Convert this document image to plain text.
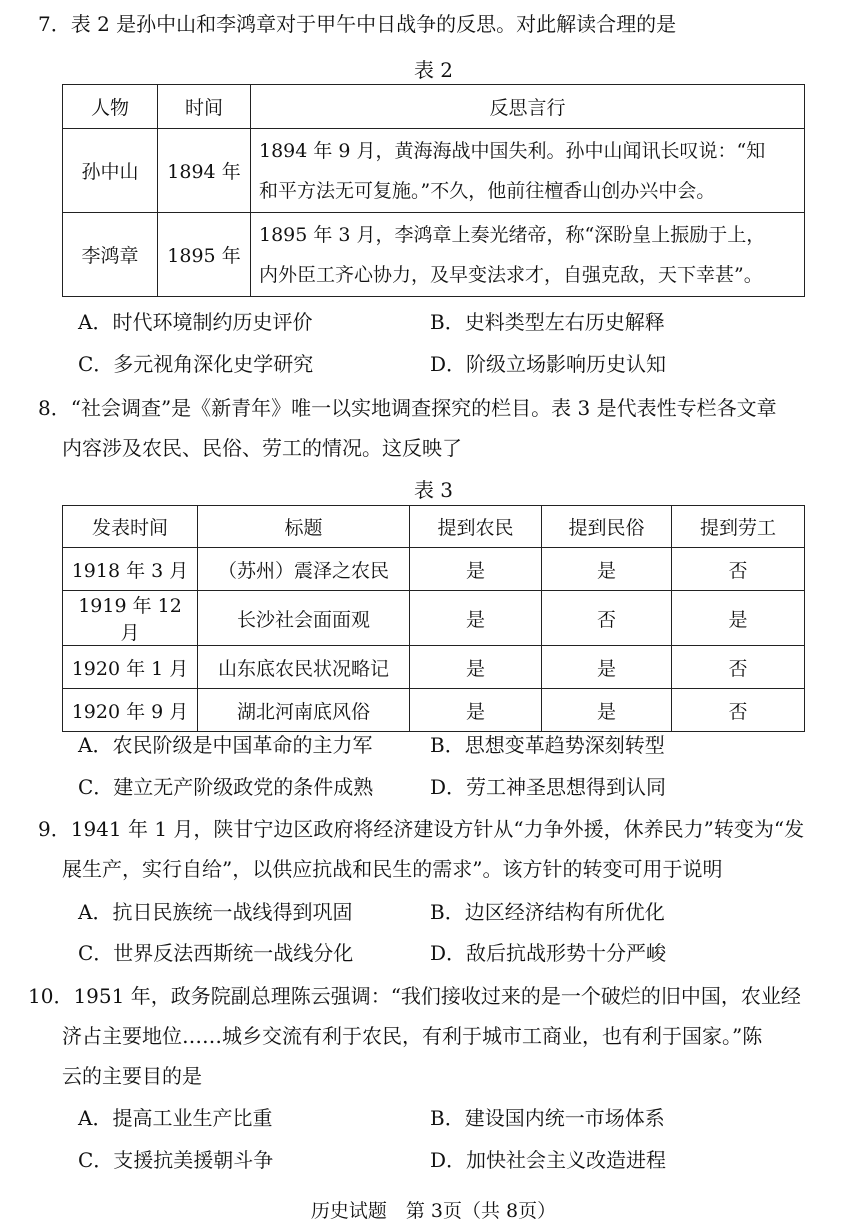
7．表 2 是孙中山和李鸿章对于甲午中日战争的反思。对此解读合理的是
表 2
人物	时间	反思言行
孙中山	1894 年	1894 年 9 月，黄海海战中国失利。孙中山闻讯长叹说：“知
和平方法无可复施。”不久，他前往檀香山创办兴中会。

李鸿章	1895 年	1895 年 3 月，李鸿章上奏光绪帝，称“深盼皇上振励于上，
内外臣工齐心协力，及早变法求才，自强克敌，天下幸甚”。
A．时代环境制约历史评价	B．史料类型左右历史解释
C．多元视角深化史学研究	D．阶级立场影响历史认知
8．“社会调查”是《新青年》唯一以实地调查探究的栏目。表 3 是代表性专栏各文章
内容涉及农民、民俗、劳工的情况。这反映了
表 3
发表时间	标题	提到农民	提到民俗	提到劳工
1918 年 3 月	（苏州）震泽之农民	是	是	否
1919 年 12 月	长沙社会面面观	是	否	是
1920 年 1 月	山东底农民状况略记	是	是	否
1920 年 9 月	湖北河南底风俗	是	是	否
A．农民阶级是中国革命的主力军	B．思想变革趋势深刻转型
C．建立无产阶级政党的条件成熟	D．劳工神圣思想得到认同
9．1941 年 1 月，陕甘宁边区政府将经济建设方针从“力争外援，休养民力”转变为“发
展生产，实行自给”，以供应抗战和民生的需求”。该方针的转变可用于说明
A．抗日民族统一战线得到巩固	B．边区经济结构有所优化
C．世界反法西斯统一战线分化	D．敌后抗战形势十分严峻
10．1951 年，政务院副总理陈云强调：“我们接收过来的是一个破烂的旧中国，农业经
济占主要地位……城乡交流有利于农民，有利于城市工商业，也有利于国家。”陈
云的主要目的是
A．提高工业生产比重	B．建设国内统一市场体系
C．支援抗美援朝斗争	D．加快社会主义改造进程
历史试题　第 3页（共 8页）
